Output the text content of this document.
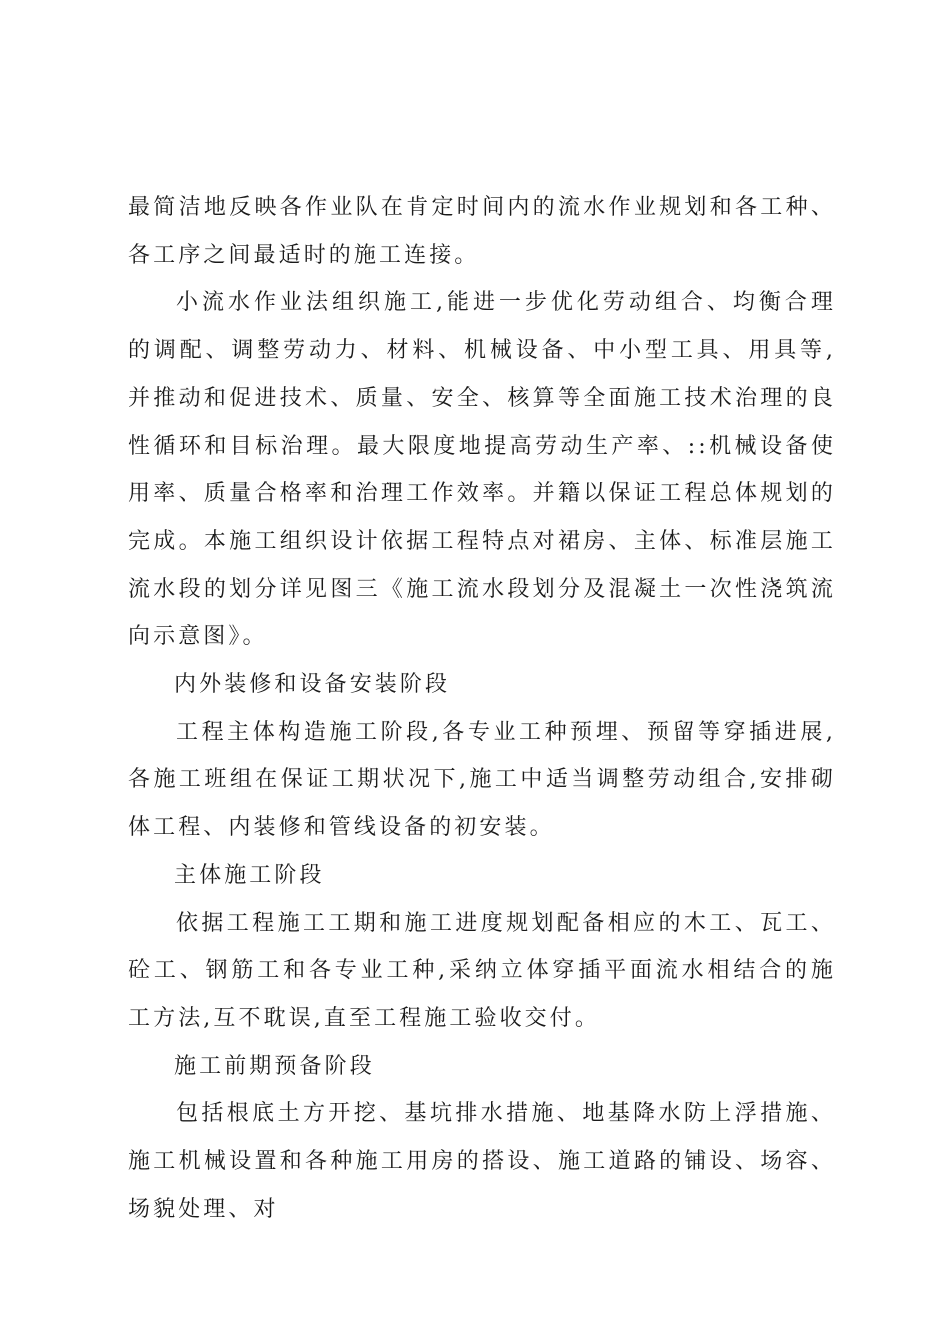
最简洁地反映各作业队在肯定时间内的流水作业规划和各工种、各工序之间最适时的施工连接。

小流水作业法组织施工,能进一步优化劳动组合、均衡合理的调配、调整劳动力、材料、机械设备、中小型工具、用具等,并推动和促进技术、质量、安全、核算等全面施工技术治理的良性循环和目标治理。最大限度地提高劳动生产率、::机械设备使用率、质量合格率和治理工作效率。并籍以保证工程总体规划的完成。本施工组织设计依据工程特点对裙房、主体、标准层施工流水段的划分详见图三《施工流水段划分及混凝土一次性浇筑流向示意图》。

内外装修和设备安装阶段

工程主体构造施工阶段,各专业工种预埋、预留等穿插进展,各施工班组在保证工期状况下,施工中适当调整劳动组合,安排砌体工程、内装修和管线设备的初安装。

主体施工阶段

依据工程施工工期和施工进度规划配备相应的木工、瓦工、砼工、钢筋工和各专业工种,采纳立体穿插平面流水相结合的施工方法,互不耽误,直至工程施工验收交付。

施工前期预备阶段

包括根底土方开挖、基坑排水措施、地基降水防上浮措施、施工机械设置和各种施工用房的搭设、施工道路的铺设、场容、场貌处理、对
